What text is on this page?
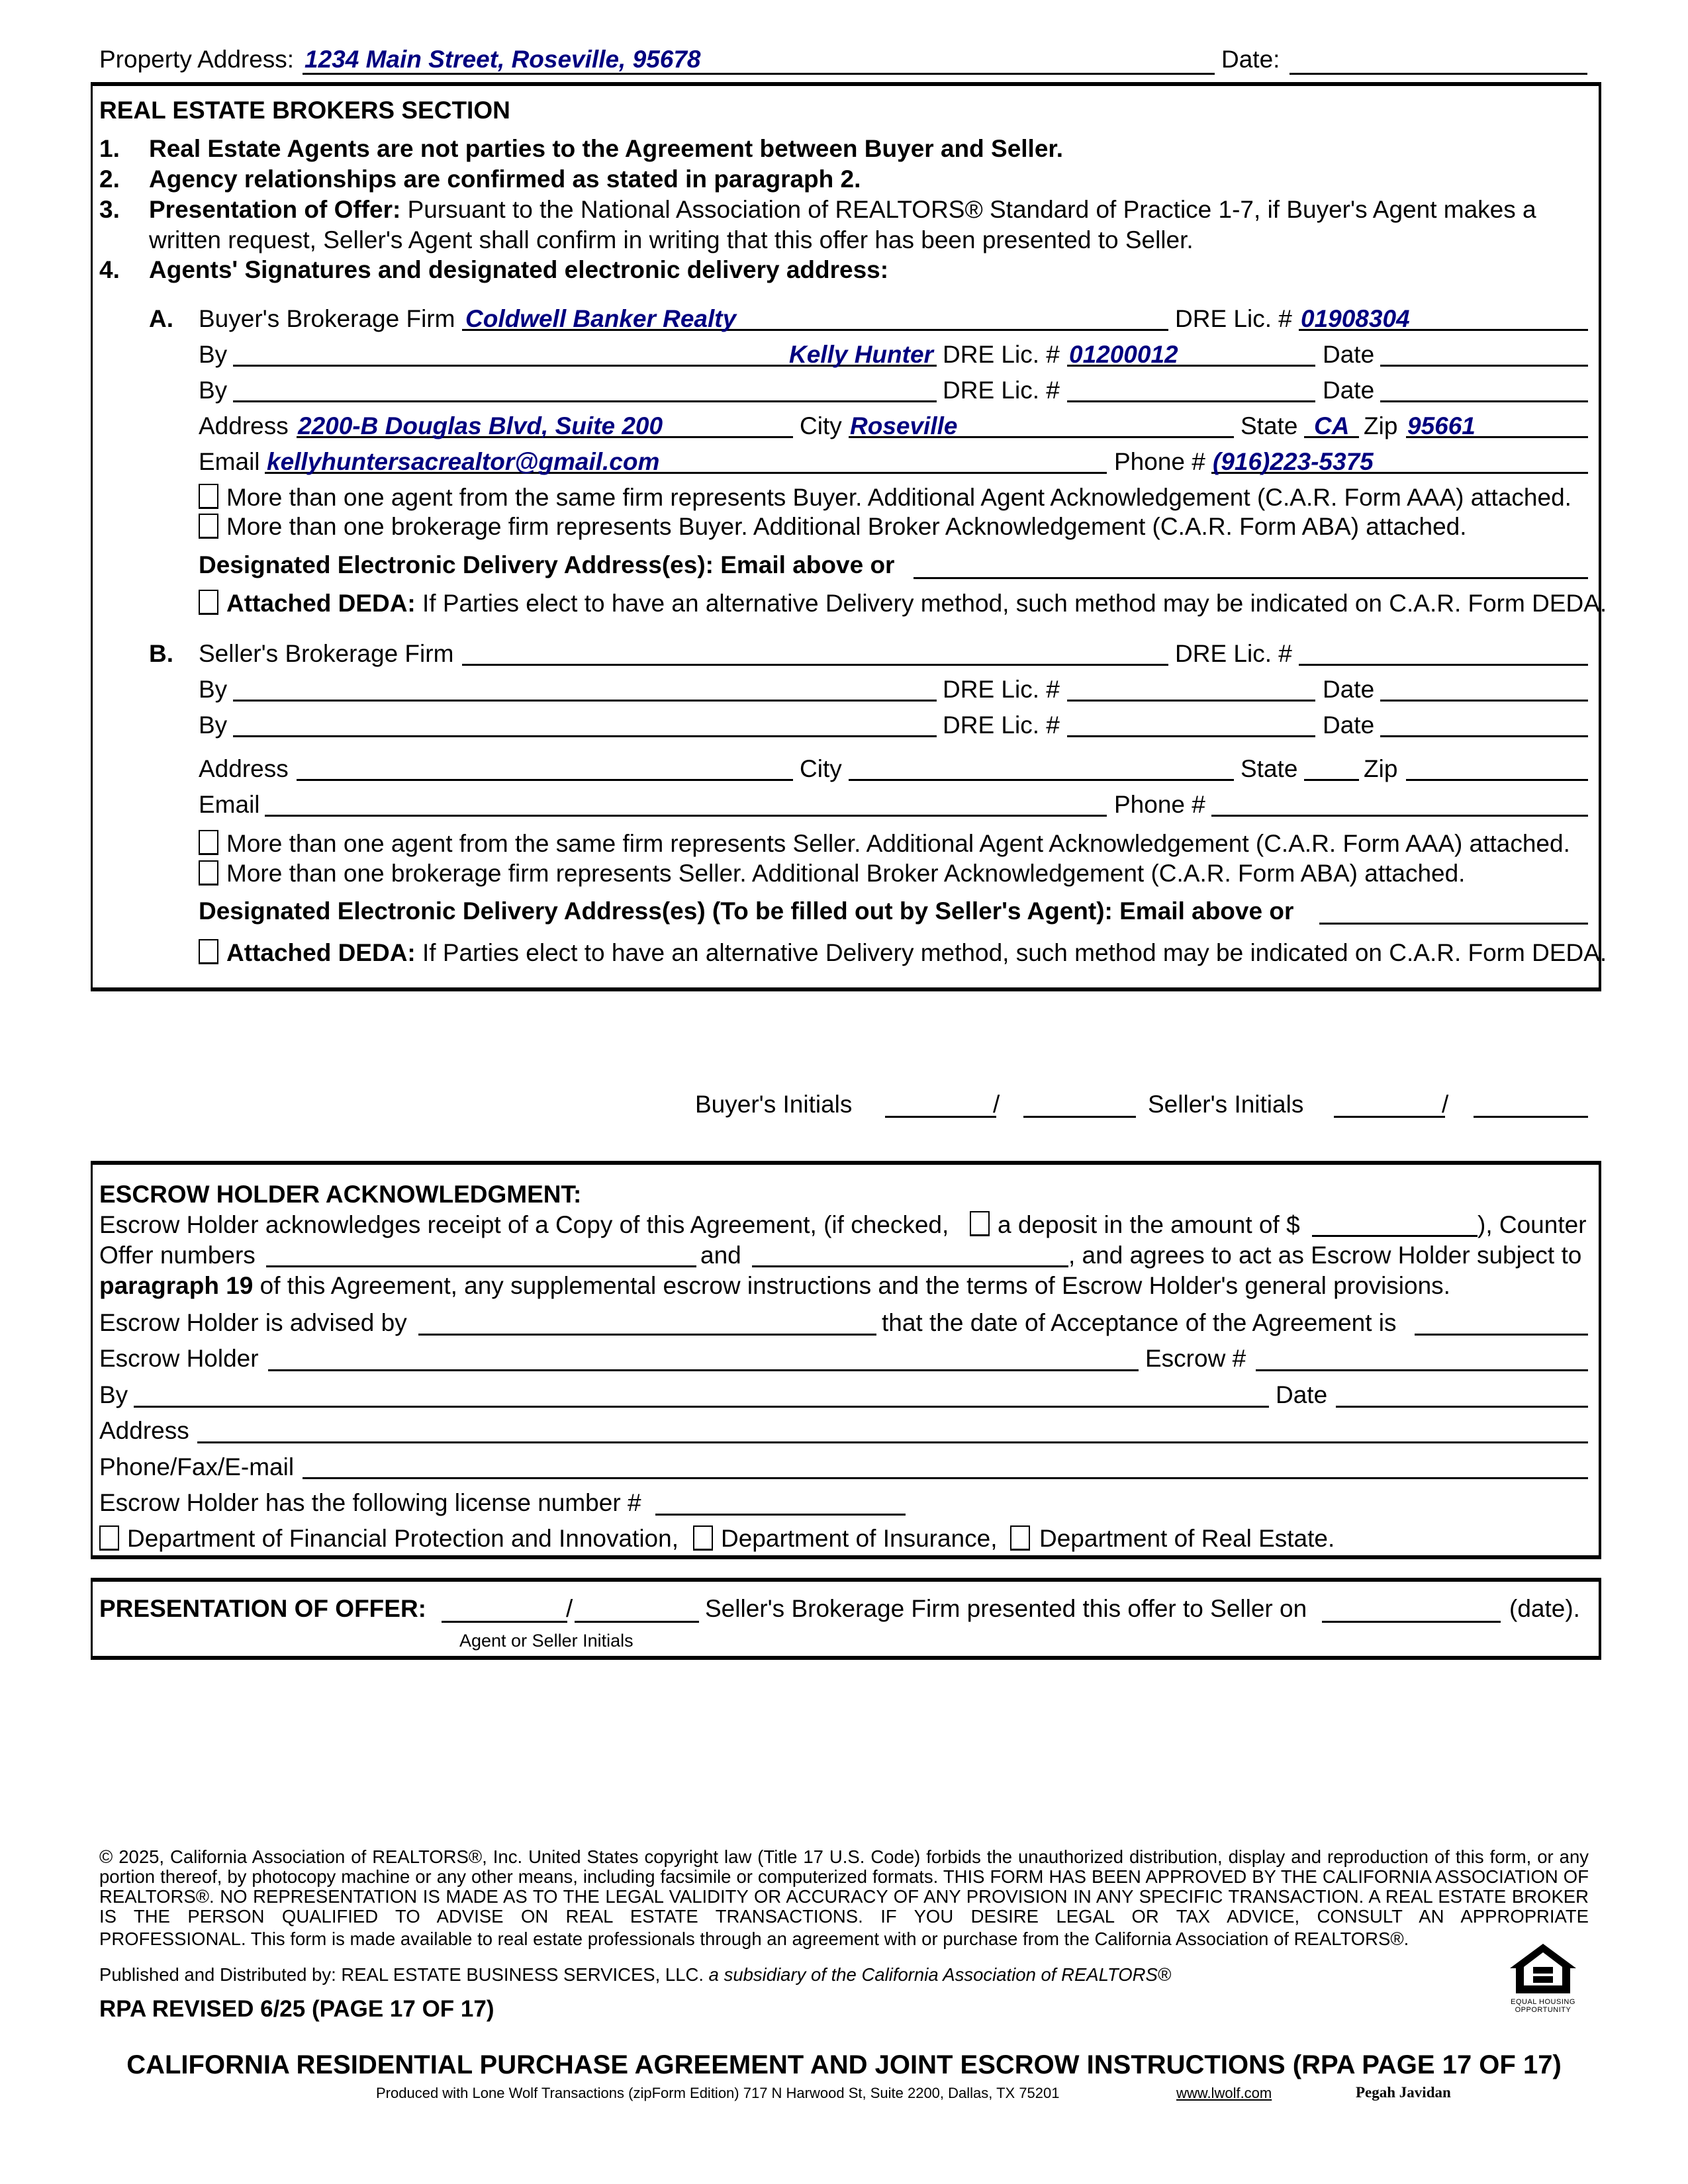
Property Address: 1234 Main Street, Roseville, 95678	Date:
REAL ESTATE BROKERS SECTION
1. Real Estate Agents are not parties to the Agreement between Buyer and Seller.
2. Agency relationships are confirmed as stated in paragraph 2.
3. Presentation of Offer: Pursuant to the National Association of REALTORS® Standard of Practice 1-7, if Buyer's Agent makes a
written request, Seller's Agent shall confirm in writing that this offer has been presented to Seller.
4. Agents' Signatures and designated electronic delivery address:
A. Buyer's Brokerage Firm Coldwell Banker Realty	DRE Lic. # 01908304
By	Kelly Hunter DRE Lic. # 01200012	Date
By	DRE Lic. #	Date
Address 2200-B Douglas Blvd, Suite 200	City Roseville	State CA Zip 95661
Email kellyhuntersacrealtor@gmail.com	Phone # (916)223-5375
More than one agent from the same firm represents Buyer. Additional Agent Acknowledgement (C.A.R. Form AAA) attached.
More than one brokerage firm represents Buyer. Additional Broker Acknowledgement (C.A.R. Form ABA) attached.
Designated Electronic Delivery Address(es): Email above or
Attached DEDA: If Parties elect to have an alternative Delivery method, such method may be indicated on C.A.R. Form DEDA.
B. Seller's Brokerage Firm	DRE Lic. #
By	DRE Lic. #	Date
By	DRE Lic. #	Date
Address	City	State	Zip
Email	Phone #
More than one agent from the same firm represents Seller. Additional Agent Acknowledgement (C.A.R. Form AAA) attached.
More than one brokerage firm represents Seller. Additional Broker Acknowledgement (C.A.R. Form ABA) attached.
Designated Electronic Delivery Address(es) (To be filled out by Seller's Agent): Email above or
Attached DEDA: If Parties elect to have an alternative Delivery method, such method may be indicated on C.A.R. Form DEDA.
Buyer's Initials	/	Seller's Initials	/
ESCROW HOLDER ACKNOWLEDGMENT:
Escrow Holder acknowledges receipt of a Copy of this Agreement, (if checked, a deposit in the amount of $	), Counter
Offer numbers	and	, and agrees to act as Escrow Holder subject to
paragraph 19 of this Agreement, any supplemental escrow instructions and the terms of Escrow Holder's general provisions.
Escrow Holder is advised by	that the date of Acceptance of the Agreement is
Escrow Holder	Escrow #
By	Date
Address
Phone/Fax/E-mail
Escrow Holder has the following license number #
Department of Financial Protection and Innovation, Department of Insurance, Department of Real Estate.
PRESENTATION OF OFFER:	/	Seller's Brokerage Firm presented this offer to Seller on	(date).
Agent or Seller Initials
© 2025, California Association of REALTORS®, Inc. United States copyright law (Title 17 U.S. Code) forbids the unauthorized distribution, display and reproduction of this form, or any portion thereof, by photocopy machine or any other means, including facsimile or computerized formats. THIS FORM HAS BEEN APPROVED BY THE CALIFORNIA ASSOCIATION OF REALTORS®. NO REPRESENTATION IS MADE AS TO THE LEGAL VALIDITY OR ACCURACY OF ANY PROVISION IN ANY SPECIFIC TRANSACTION. A REAL ESTATE BROKER IS THE PERSON QUALIFIED TO ADVISE ON REAL ESTATE TRANSACTIONS. IF YOU DESIRE LEGAL OR TAX ADVICE, CONSULT AN APPROPRIATE
PROFESSIONAL. This form is made available to real estate professionals through an agreement with or purchase from the California Association of REALTORS®.
Published and Distributed by: REAL ESTATE BUSINESS SERVICES, LLC. a subsidiary of the California Association of REALTORS®
RPA REVISED 6/25 (PAGE 17 OF 17)	EQUAL HOUSING
OPPORTUNITY
CALIFORNIA RESIDENTIAL PURCHASE AGREEMENT AND JOINT ESCROW INSTRUCTIONS (RPA PAGE 17 OF 17)
Produced with Lone Wolf Transactions (zipForm Edition) 717 N Harwood St, Suite 2200, Dallas, TX 75201	www.lwolf.com	Pegah Javidan
